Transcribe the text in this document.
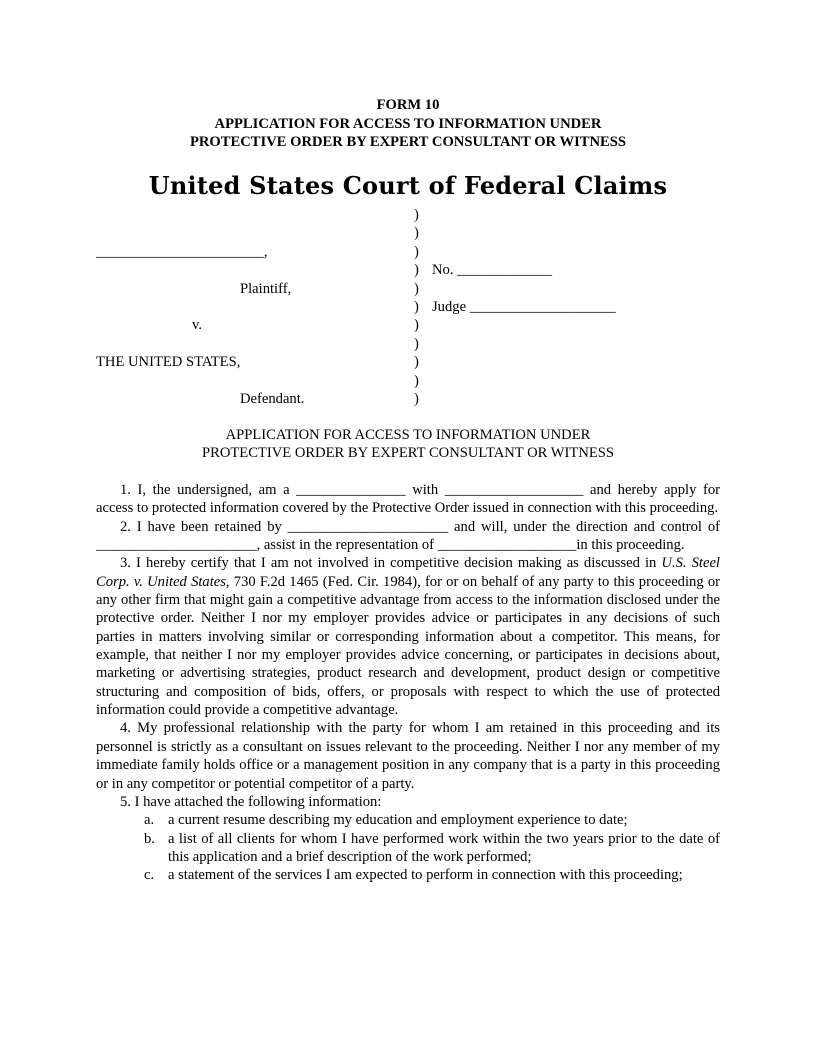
FORM 10
APPLICATION FOR ACCESS TO INFORMATION UNDER
PROTECTIVE ORDER BY EXPERT CONSULTANT OR WITNESS
United States Court of Federal Claims
)
)
)
)
)
)
)
)
)
)
)
_______________________,
Plaintiff,
v.
THE UNITED STATES,
Defendant.
No. _____________
Judge ____________________
APPLICATION FOR ACCESS TO INFORMATION UNDER
PROTECTIVE ORDER BY EXPERT CONSULTANT OR WITNESS

1. I, the undersigned, am a _______________ with ___________________ and hereby apply for access to protected information covered by the Protective Order issued in connection with this proceeding.

2. I have been retained by ______________________ and will, under the direction and control of ______________________, assist in the representation of ___________________in this proceeding.

3. I hereby certify that I am not involved in competitive decision making as discussed in U.S. Steel Corp. v. United States, 730 F.2d 1465 (Fed. Cir. 1984), for or on behalf of any party to this proceeding or any other firm that might gain a competitive advantage from access to the information disclosed under the protective order. Neither I nor my employer provides advice or participates in any decisions of such parties in matters involving similar or corresponding information about a competitor. This means, for example, that neither I nor my employer provides advice concerning, or participates in decisions about, marketing or advertising strategies, product research and development, product design or competitive structuring and composition of bids, offers, or proposals with respect to which the use of protected information could provide a competitive advantage.

4. My professional relationship with the party for whom I am retained in this proceeding and its personnel is strictly as a consultant on issues relevant to the proceeding. Neither I nor any member of my immediate family holds office or a management position in any company that is a party in this proceeding or in any competitor or potential competitor of a party.

5. I have attached the following information:

a. a current resume describing my education and employment experience to date;
b. a list of all clients for whom I have performed work within the two years prior to the date of this application and a brief description of the work performed;
c. a statement of the services I am expected to perform in connection with this proceeding;
